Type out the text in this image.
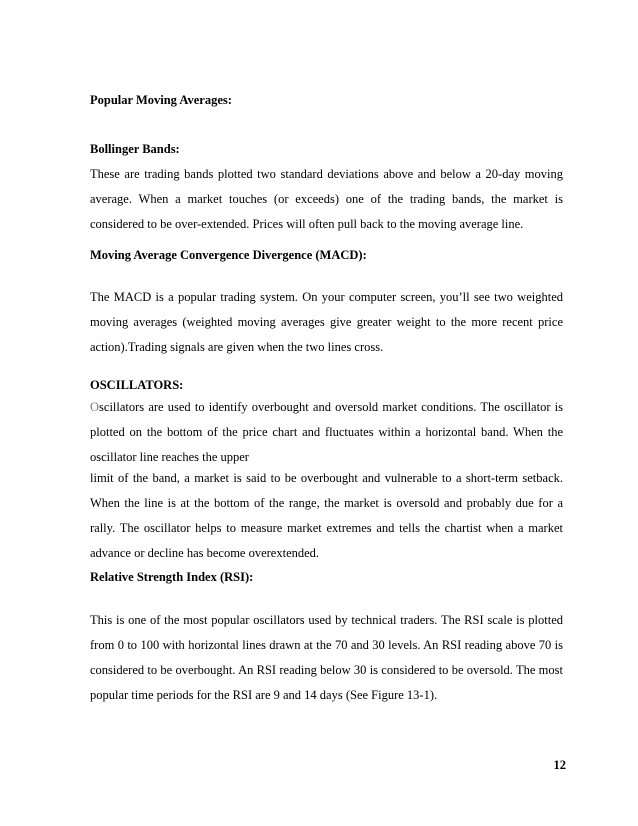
Popular Moving Averages:

Bollinger Bands:

These are trading bands plotted two standard deviations above and below a 20-day moving
average. When a market touches (or exceeds) one of the trading bands, the market is
considered to be over-extended. Prices will often pull back to the moving average line.

Moving Average Convergence Divergence (MACD):

The MACD is a popular trading system. On your computer screen, you’ll see two weighted
moving averages (weighted moving averages give greater weight to the more recent price
action).Trading signals are given when the two lines cross.

OSCILLATORS:

Oscillators are used to identify overbought and oversold market conditions. The oscillator is
plotted on the bottom of the price chart and fluctuates within a horizontal band. When the
oscillator line reaches the upper
limit of the band, a market is said to be overbought and vulnerable to a short-term setback.
When the line is at the bottom of the range, the market is oversold and probably due for a
rally. The oscillator helps to measure market extremes and tells the chartist when a market
advance or decline has become overextended.

Relative Strength Index (RSI):

This is one of the most popular oscillators used by technical traders. The RSI scale is plotted
from 0 to 100 with horizontal lines drawn at the 70 and 30 levels. An RSI reading above 70 is
considered to be overbought. An RSI reading below 30 is considered to be oversold. The most
popular time periods for the RSI are 9 and 14 days (See Figure 13-1).
12
